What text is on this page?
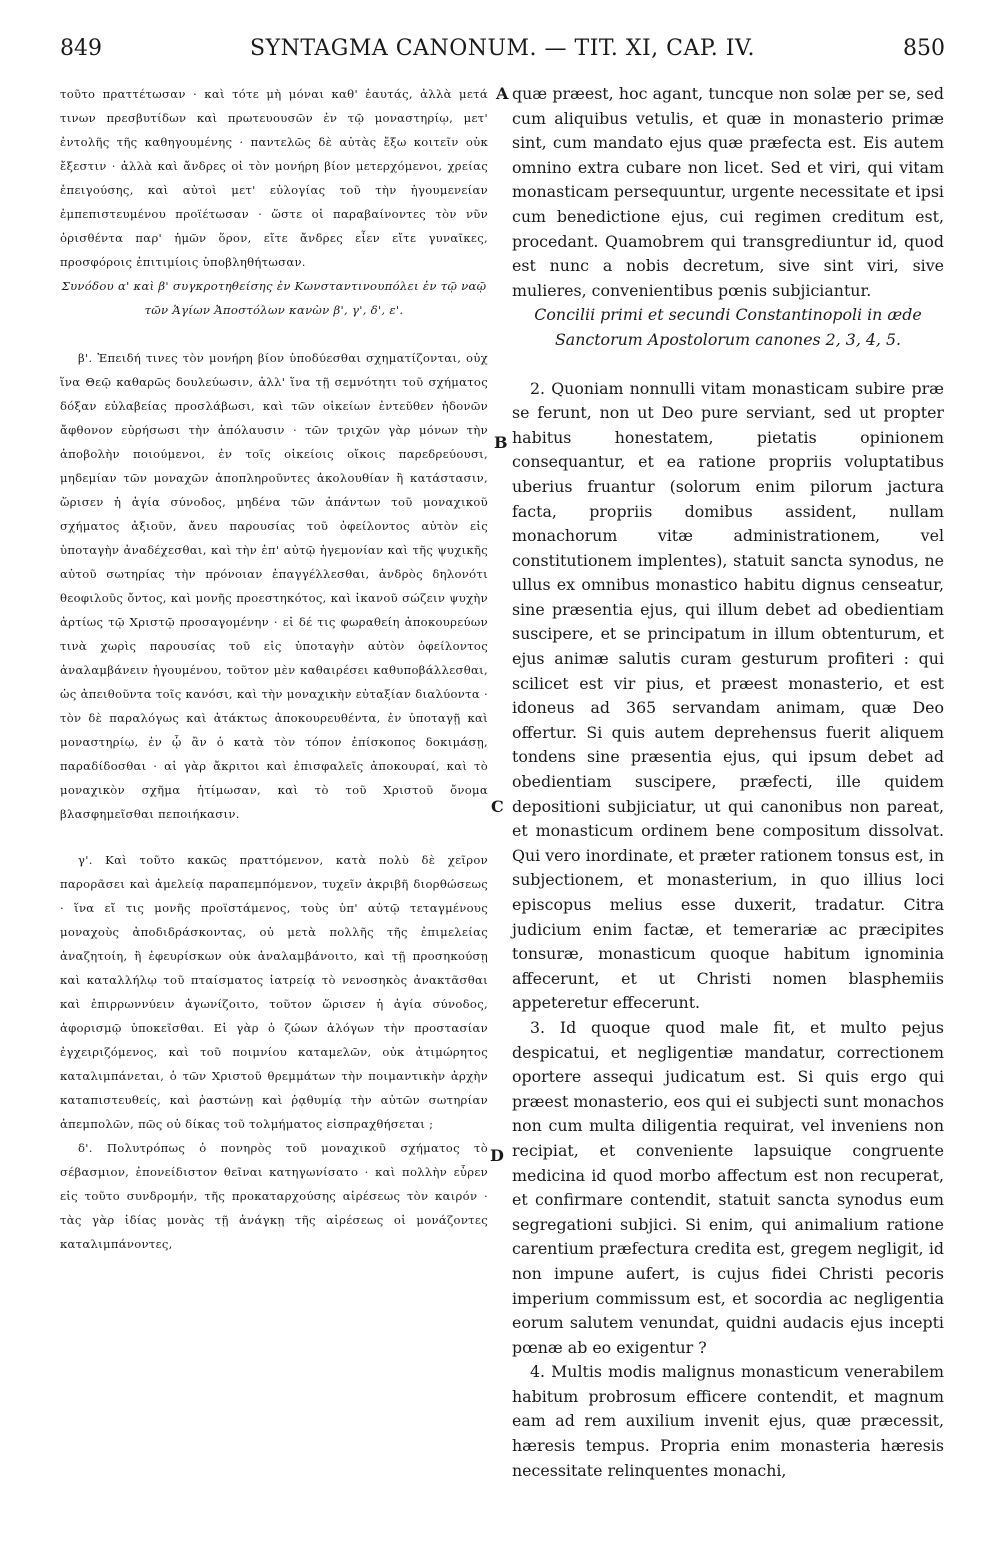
849	SYNTAGMA CANONUM. — TIT. XI, CAP. IV.	850
A
B
C
D

τοῦτο πραττέτωσαν · καὶ τότε μὴ μόναι καθ' ἑαυτάς, ἀλλὰ μετά τινων πρεσβυτίδων καὶ πρωτευουσῶν ἐν τῷ μοναστηρίῳ, μετ' ἐντολῆς τῆς καθηγουμένης · παντελῶς δὲ αὐτὰς ἔξω κοιτεῖν οὐκ ἔξεστιν · ἀλλὰ καὶ ἄνδρες οἱ τὸν μονήρη βίον μετερχόμενοι, χρείας ἐπειγούσης, καὶ αὐτοὶ μετ' εὐλογίας τοῦ τὴν ἡγουμενείαν ἐμπεπιστευμένου προϊέτωσαν · ὥστε οἱ παραβαίνοντες τὸν νῦν ὁρισθέντα παρ' ἡμῶν ὅρον, εἴτε ἄνδρες εἶεν εἴτε γυναῖκες, προσφόροις ἐπιτιμίοις ὑποβληθήτωσαν.

Συνόδου α' καὶ β' συγκροτηθείσης ἐν Κωνσταντινουπόλει ἐν τῷ ναῷ τῶν Ἁγίων Ἀποστόλων κανὼν β', γ', δ', ε'.

β'. Ἐπειδή τινες τὸν μονήρη βίον ὑποδύεσθαι σχηματίζονται, οὐχ ἵνα Θεῷ καθαρῶς δουλεύωσιν, ἀλλ' ἵνα τῇ σεμνότητι τοῦ σχήματος δόξαν εὐλαβείας προσλάβωσι, καὶ τῶν οἰκείων ἐντεῦθεν ἡδονῶν ἄφθονον εὑρήσωσι τὴν ἀπόλαυσιν · τῶν τριχῶν γὰρ μόνων τὴν ἀποβολὴν ποιούμενοι, ἐν τοῖς οἰκείοις οἴκοις παρεδρεύουσι, μηδεμίαν τῶν μοναχῶν ἀποπληροῦντες ἀκολουθίαν ἢ κατάστασιν, ὥρισεν ἡ ἁγία σύνοδος, μηδένα τῶν ἁπάντων τοῦ μοναχικοῦ σχήματος ἀξιοῦν, ἄνευ παρουσίας τοῦ ὀφείλοντος αὐτὸν εἰς ὑποταγὴν ἀναδέχεσθαι, καὶ τὴν ἐπ' αὐτῷ ἡγεμονίαν καὶ τῆς ψυχικῆς αὐτοῦ σωτηρίας τὴν πρόνοιαν ἐπαγγέλλεσθαι, ἀνδρὸς δηλονότι θεοφιλοῦς ὄντος, καὶ μονῆς προεστηκότος, καὶ ἱκανοῦ σώζειν ψυχὴν ἀρτίως τῷ Χριστῷ προσαγομένην · εἰ δέ τις φωραθείη ἀποκουρεύων τινὰ χωρὶς παρουσίας τοῦ εἰς ὑποταγὴν αὐτὸν ὀφείλοντος ἀναλαμβάνειν ἡγουμένου, τοῦτον μὲν καθαιρέσει καθυποβάλλεσθαι, ὡς ἀπειθοῦντα τοῖς κανόσι, καὶ τὴν μοναχικὴν εὐταξίαν διαλύοντα · τὸν δὲ παραλόγως καὶ ἀτάκτως ἀποκουρευθέντα, ἐν ὑποταγῇ καὶ μοναστηρίῳ, ἐν ᾧ ἂν ὁ κατὰ τὸν τόπον ἐπίσκοπος δοκιμάσῃ, παραδίδοσθαι · αἱ γὰρ ἄκριτοι καὶ ἐπισφαλεῖς ἀποκουραί, καὶ τὸ μοναχικὸν σχῆμα ἠτίμωσαν, καὶ τὸ τοῦ Χριστοῦ ὄνομα βλασφημεῖσθαι πεποιήκασιν.

γ'. Καὶ τοῦτο κακῶς πραττόμενον, κατὰ πολὺ δὲ χεῖρον παρορᾶσει καὶ ἀμελείᾳ παραπεμπόμενον, τυχεῖν ἀκριβῆ διορθώσεως · ἵνα εἴ τις μονῆς προϊστάμενος, τοὺς ὑπ' αὐτῷ τεταγμένους μοναχοὺς ἀποδιδράσκοντας, οὐ μετὰ πολλῆς τῆς ἐπιμελείας ἀναζητοίη, ἢ ἐφευρίσκων οὐκ ἀναλαμβάνοιτο, καὶ τῇ προσηκούσῃ καὶ καταλλήλῳ τοῦ πταίσματος ἰατρείᾳ τὸ νενοσηκὸς ἀνακτᾶσθαι καὶ ἐπιρρωννύειν ἀγωνίζοιτο, τοῦτον ὥρισεν ἡ ἁγία σύνοδος, ἀφορισμῷ ὑποκεῖσθαι. Εἰ γὰρ ὁ ζώων ἀλόγων τὴν προστασίαν ἐγχειριζόμενος, καὶ τοῦ ποιμνίου καταμελῶν, οὐκ ἀτιμώρητος καταλιμπάνεται, ὁ τῶν Χριστοῦ θρεμμάτων τὴν ποιμαντικὴν ἀρχὴν καταπιστευθείς, καὶ ῥαστώνῃ καὶ ῥᾳθυμίᾳ τὴν αὐτῶν σωτηρίαν ἀπεμπολῶν, πῶς οὐ δίκας τοῦ τολμήματος εἰσπραχθήσεται ;

δ'. Πολυτρόπως ὁ πονηρὸς τοῦ μοναχικοῦ σχήματος τὸ σέβασμιον, ἐπονείδιστον θεῖναι κατηγωνίσατο · καὶ πολλὴν εὗρεν εἰς τοῦτο συνδρομήν, τῆς προκαταρχούσης αἱρέσεως τὸν καιρόν · τὰς γὰρ ἰδίας μονὰς τῇ ἀνάγκῃ τῆς αἱρέσεως οἱ μονάζοντες καταλιμπάνοντες,

quæ præest, hoc agant, tuncque non solæ per se, sed cum aliquibus vetulis, et quæ in monasterio primæ sint, cum mandato ejus quæ præfecta est. Eis autem omnino extra cubare non licet. Sed et viri, qui vitam monasticam persequuntur, urgente necessitate et ipsi cum benedictione ejus, cui regimen creditum est, procedant. Quamobrem qui transgrediuntur id, quod est nunc a nobis decretum, sive sint viri, sive mulieres, convenientibus pœnis subjiciantur.

Concilii primi et secundi Constantinopoli in æde Sanctorum Apostolorum canones 2, 3, 4, 5.

2. Quoniam nonnulli vitam monasticam subire præ se ferunt, non ut Deo pure serviant, sed ut propter habitus honestatem, pietatis opinionem consequantur, et ea ratione propriis voluptatibus uberius fruantur (solorum enim pilorum jactura facta, propriis domibus assident, nullam monachorum vitæ administrationem, vel constitutionem implentes), statuit sancta synodus, ne ullus ex omnibus monastico habitu dignus censeatur, sine præsentia ejus, qui illum debet ad obedientiam suscipere, et se principatum in illum obtenturum, et ejus animæ salutis curam gesturum profiteri : qui scilicet est vir pius, et præest monasterio, et est idoneus ad 365 servandam animam, quæ Deo offertur. Si quis autem deprehensus fuerit aliquem tondens sine præsentia ejus, qui ipsum debet ad obedientiam suscipere, præfecti, ille quidem depositioni subjiciatur, ut qui canonibus non pareat, et monasticum ordinem bene compositum dissolvat. Qui vero inordinate, et præter rationem tonsus est, in subjectionem, et monasterium, in quo illius loci episcopus melius esse duxerit, tradatur. Citra judicium enim factæ, et temerariæ ac præcipites tonsuræ, monasticum quoque habitum ignominia affecerunt, et ut Christi nomen blasphemiis appeteretur effecerunt.

3. Id quoque quod male fit, et multo pejus despicatui, et negligentiæ mandatur, correctionem oportere assequi judicatum est. Si quis ergo qui præest monasterio, eos qui ei subjecti sunt monachos non cum multa diligentia requirat, vel inveniens non recipiat, et conveniente lapsuique congruente medicina id quod morbo affectum est non recuperat, et confirmare contendit, statuit sancta synodus eum segregationi subjici. Si enim, qui animalium ratione carentium præfectura credita est, gregem negligit, id non impune aufert, is cujus fidei Christi pecoris imperium commissum est, et socordia ac negligentia eorum salutem venundat, quidni audacis ejus incepti pœnæ ab eo exigentur ?

4. Multis modis malignus monasticum venerabilem habitum probrosum efficere contendit, et magnum eam ad rem auxilium invenit ejus, quæ præcessit, hæresis tempus. Propria enim monasteria hæresis necessitate relinquentes monachi,
